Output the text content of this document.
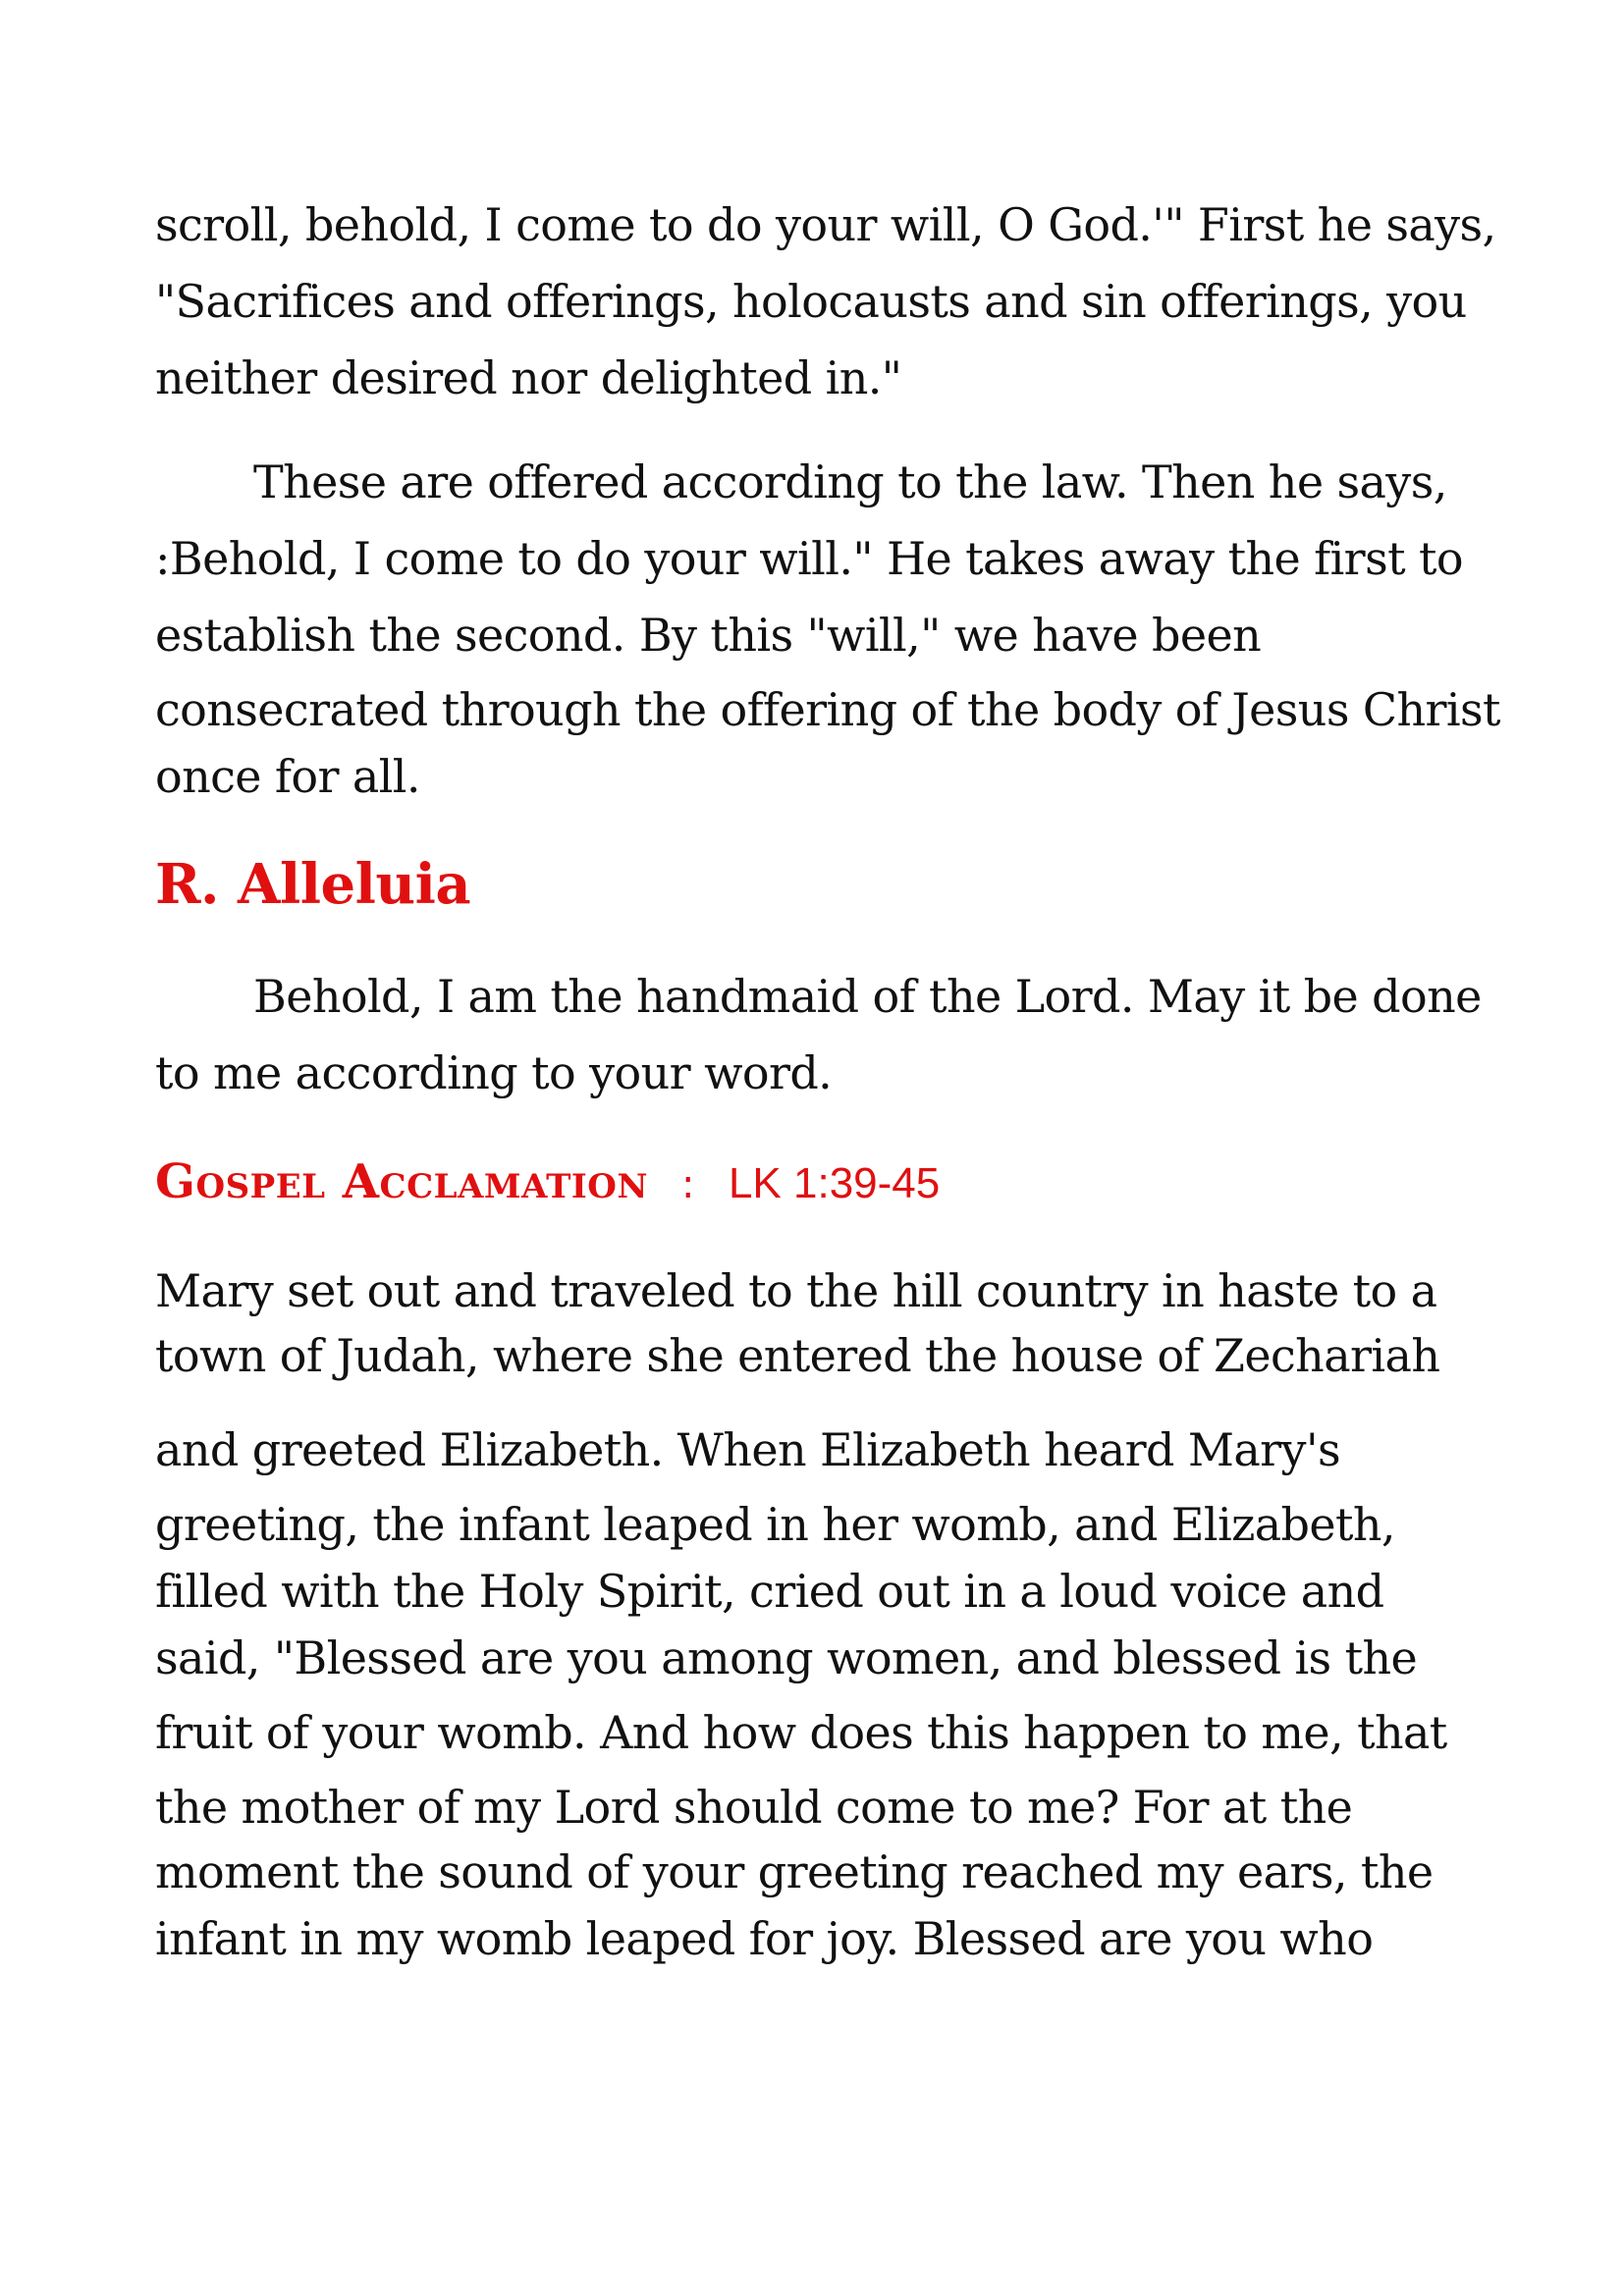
scroll, behold, I come to do your will, O God.'" First he says,
"Sacrifices and offerings, holocausts and sin offerings, you
neither desired nor delighted in."
These are offered according to the law. Then he says,
:Behold, I come to do your will." He takes away the first to
establish the second. By this "will," we have been
consecrated through the offering of the body of Jesus Christ
once for all.
R. Alleluia
Behold, I am the handmaid of the Lord. May it be done
to me according to your word.
Gospel Acclamation : LK 1:39-45
Mary set out and traveled to the hill country in haste to a
town of Judah, where she entered the house of Zechariah
and greeted Elizabeth. When Elizabeth heard Mary's
greeting, the infant leaped in her womb, and Elizabeth,
filled with the Holy Spirit, cried out in a loud voice and
said, "Blessed are you among women, and blessed is the
fruit of your womb. And how does this happen to me, that
the mother of my Lord should come to me? For at the
moment the sound of your greeting reached my ears, the
infant in my womb leaped for joy. Blessed are you who
